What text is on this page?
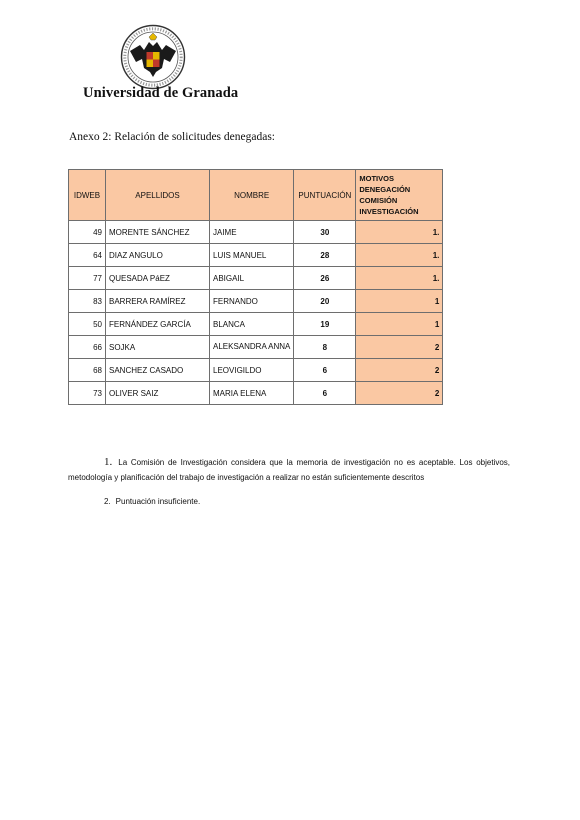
Universidad de Granada
Anexo 2: Relación de solicitudes denegadas:
IDWEB	APELLIDOS	NOMBRE	PUNTUACIÓN	MOTIVOS DENEGACIÓN COMISIÓN INVESTIGACIÓN
49	MORENTE SÁNCHEZ	JAIME	30	1.
64	DIAZ ANGULO	LUIS MANUEL	28	1.
77	QUESADA PáEZ	ABIGAIL	26	1.
83	BARRERA RAMÍREZ	FERNANDO	20	1
50	FERNÁNDEZ GARCÍA	BLANCA	19	1
66	SOJKA	ALEKSANDRA ANNA	8	2
68	SANCHEZ CASADO	LEOVIGILDO	6	2
73	OLIVER SAIZ	MARIA ELENA	6	2
1. La Comisión de Investigación considera que la memoria de investigación no es aceptable. Los objetivos, metodología y planificación del trabajo de investigación a realizar no están suficientemente descritos
2. Puntuación insuficiente.
